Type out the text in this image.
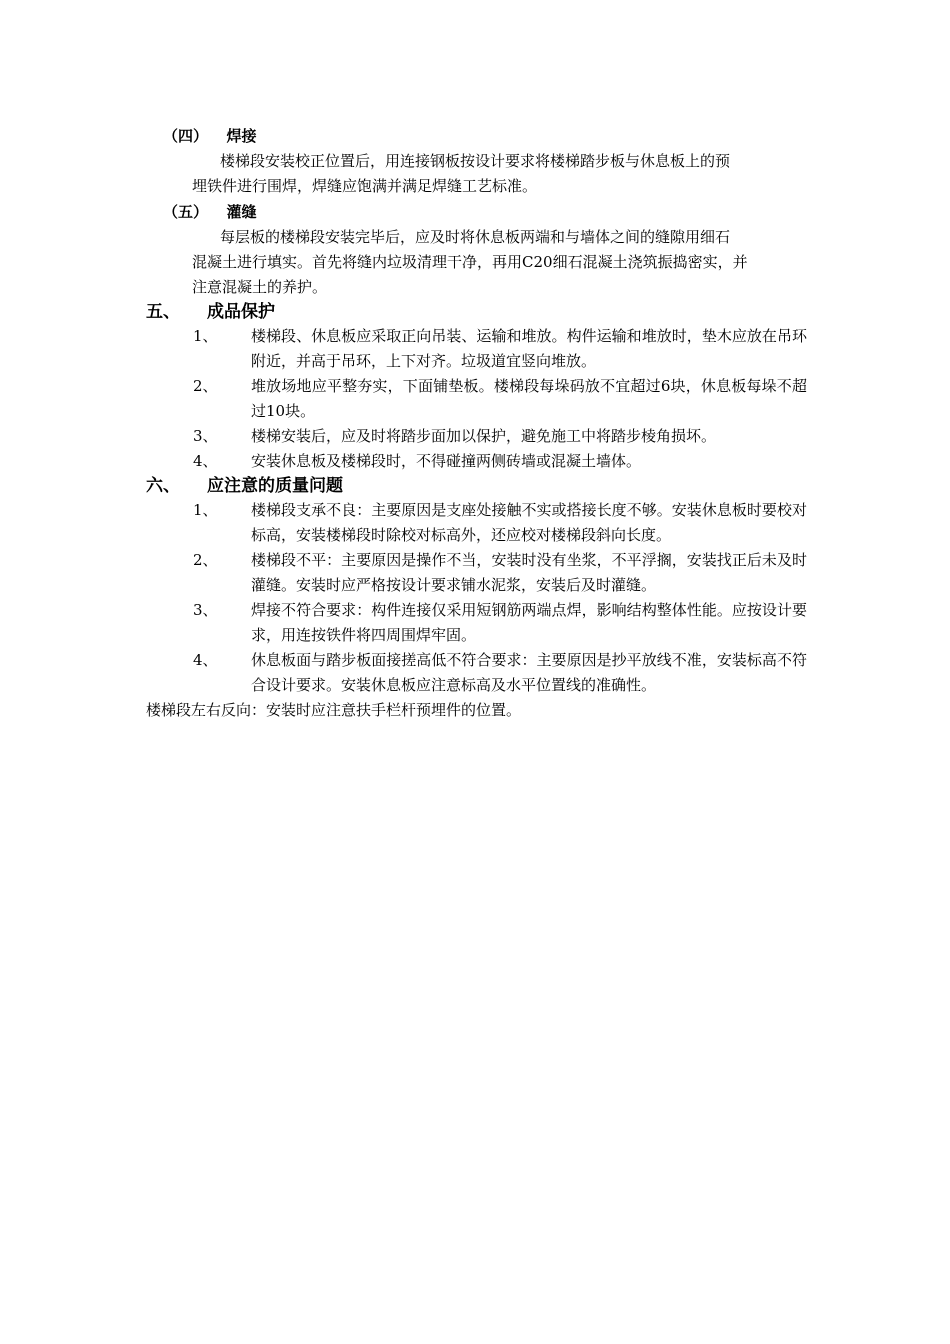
（四） 焊接
楼梯段安装校正位置后，用连接钢板按设计要求将楼梯踏步板与休息板上的预
埋铁件进行围焊，焊缝应饱满并满足焊缝工艺标准。
（五） 灌缝
每层板的楼梯段安装完毕后，应及时将休息板两端和与墙体之间的缝隙用细石
混凝土进行填实。首先将缝内垃圾清理干净，再用C20细石混凝土浇筑振捣密实，并
注意混凝土的养护。
五、 成品保护
1、 楼梯段、休息板应采取正向吊装、运输和堆放。构件运输和堆放时，垫木应放在吊环附近，并高于吊环，上下对齐。垃圾道宜竖向堆放。
2、 堆放场地应平整夯实，下面铺垫板。楼梯段每垛码放不宜超过6块，休息板每垛不超过10块。
3、 楼梯安装后，应及时将踏步面加以保护，避免施工中将踏步棱角损坏。
4、 安装休息板及楼梯段时，不得碰撞两侧砖墙或混凝土墙体。
六、 应注意的质量问题
1、 楼梯段支承不良：主要原因是支座处接触不实或搭接长度不够。安装休息板时要校对标高，安装楼梯段时除校对标高外，还应校对楼梯段斜向长度。
2、 楼梯段不平：主要原因是操作不当，安装时没有坐浆，不平浮搁，安装找正后未及时灌缝。安装时应严格按设计要求铺水泥浆，安装后及时灌缝。
3、 焊接不符合要求：构件连接仅采用短钢筋两端点焊，影响结构整体性能。应按设计要求，用连按铁件将四周围焊牢固。
4、 休息板面与踏步板面接搓高低不符合要求：主要原因是抄平放线不准，安装标高不符合设计要求。安装休息板应注意标高及水平位置线的准确性。
楼梯段左右反向：安装时应注意扶手栏杆预埋件的位置。
